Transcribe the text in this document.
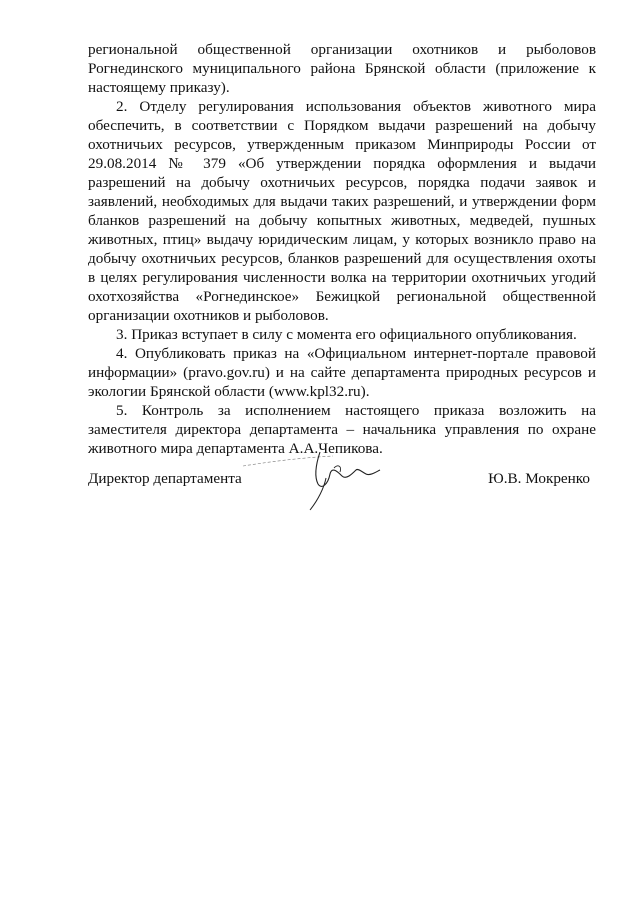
региональной общественной организации охотников и рыболовов Рогнединского муниципального района Брянской области (приложение к настоящему приказу).

2. Отделу регулирования использования объектов животного мира обеспечить, в соответствии с Порядком выдачи разрешений на добычу охотничьих ресурсов, утвержденным приказом Минприроды России от 29.08.2014 № 379 «Об утверждении порядка оформления и выдачи разрешений на добычу охотничьих ресурсов, порядка подачи заявок и заявлений, необходимых для выдачи таких разрешений, и утверждении форм бланков разрешений на добычу копытных животных, медведей, пушных животных, птиц» выдачу юридическим лицам, у которых возникло право на добычу охотничьих ресурсов, бланков разрешений для осуществления охоты в целях регулирования численности волка на территории охотничьих угодий охотхозяйства «Рогнединское» Бежицкой региональной общественной организации охотников и рыболовов.

3. Приказ вступает в силу с момента его официального опубликования.

4. Опубликовать приказ на «Официальном интернет-портале правовой информации» (pravo.gov.ru) и на сайте департамента природных ресурсов и экологии Брянской области (www.kpl32.ru).

5. Контроль за исполнением настоящего приказа возложить на заместителя директора департамента – начальника управления по охране животного мира департамента А.А.Чепикова.

Директор департамента	Ю.В. Мокренко
